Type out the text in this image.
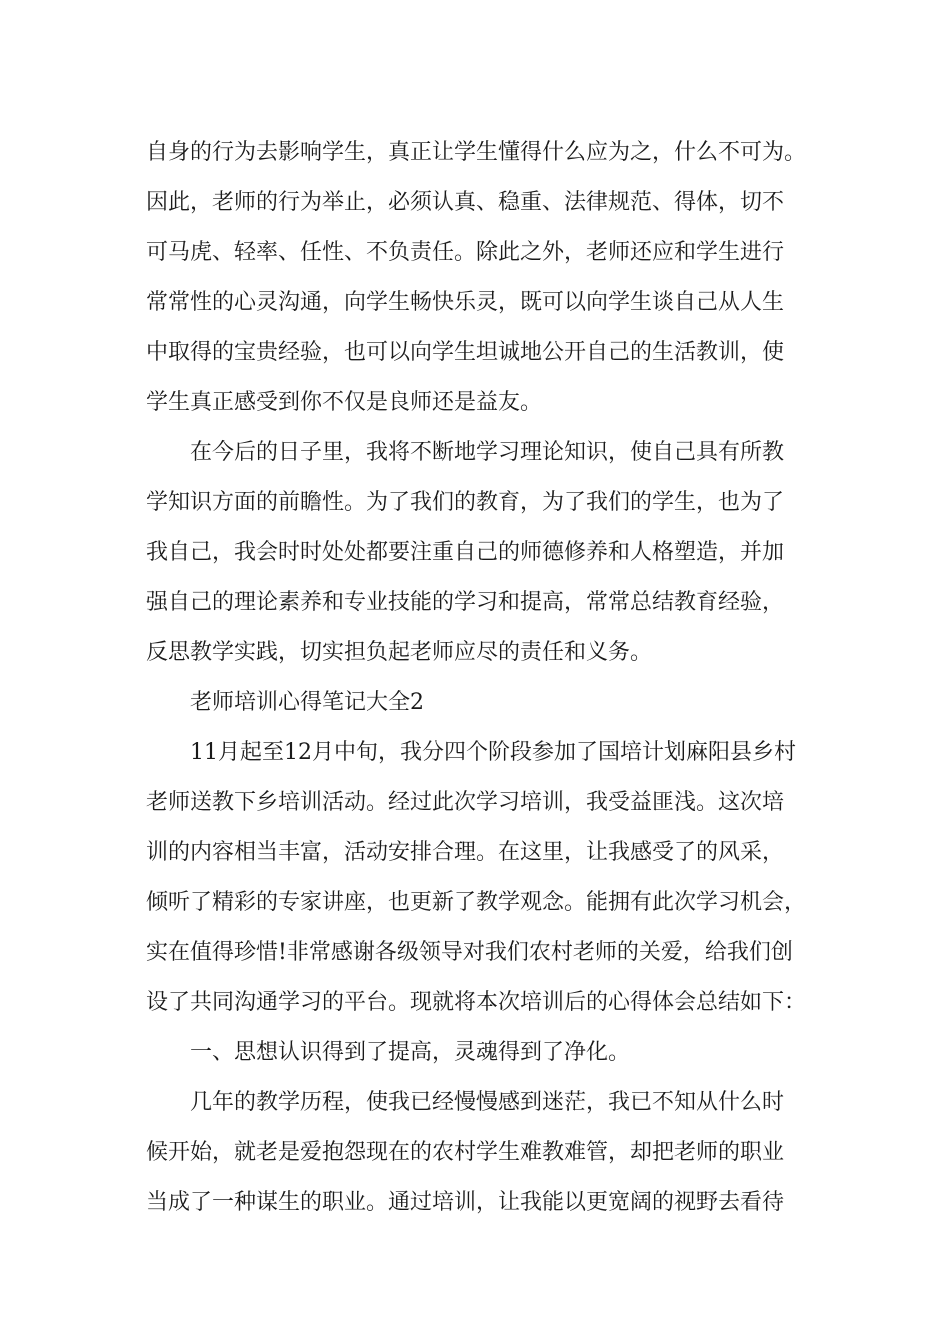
自身的行为去影响学生，真正让学生懂得什么应为之，什么不可为。
因此，老师的行为举止，必须认真、稳重、法律规范、得体，切不
可马虎、轻率、任性、不负责任。除此之外，老师还应和学生进行
常常性的心灵沟通，向学生畅快乐灵，既可以向学生谈自己从人生
中取得的宝贵经验，也可以向学生坦诚地公开自己的生活教训，使
学生真正感受到你不仅是良师还是益友。
在今后的日子里，我将不断地学习理论知识，使自己具有所教
学知识方面的前瞻性。为了我们的教育，为了我们的学生，也为了
我自己，我会时时处处都要注重自己的师德修养和人格塑造，并加
强自己的理论素养和专业技能的学习和提高，常常总结教育经验，
反思教学实践，切实担负起老师应尽的责任和义务。
老师培训心得笔记大全2
11月起至12月中旬，我分四个阶段参加了国培计划麻阳县乡村
老师送教下乡培训活动。经过此次学习培训，我受益匪浅。这次培
训的内容相当丰富，活动安排合理。在这里，让我感受了的风采，
倾听了精彩的专家讲座，也更新了教学观念。能拥有此次学习机会，
实在值得珍惜!非常感谢各级领导对我们农村老师的关爱，给我们创
设了共同沟通学习的平台。现就将本次培训后的心得体会总结如下：
一、思想认识得到了提高，灵魂得到了净化。
几年的教学历程，使我已经慢慢感到迷茫，我已不知从什么时
候开始，就老是爱抱怨现在的农村学生难教难管，却把老师的职业
当成了一种谋生的职业。通过培训，让我能以更宽阔的视野去看待
